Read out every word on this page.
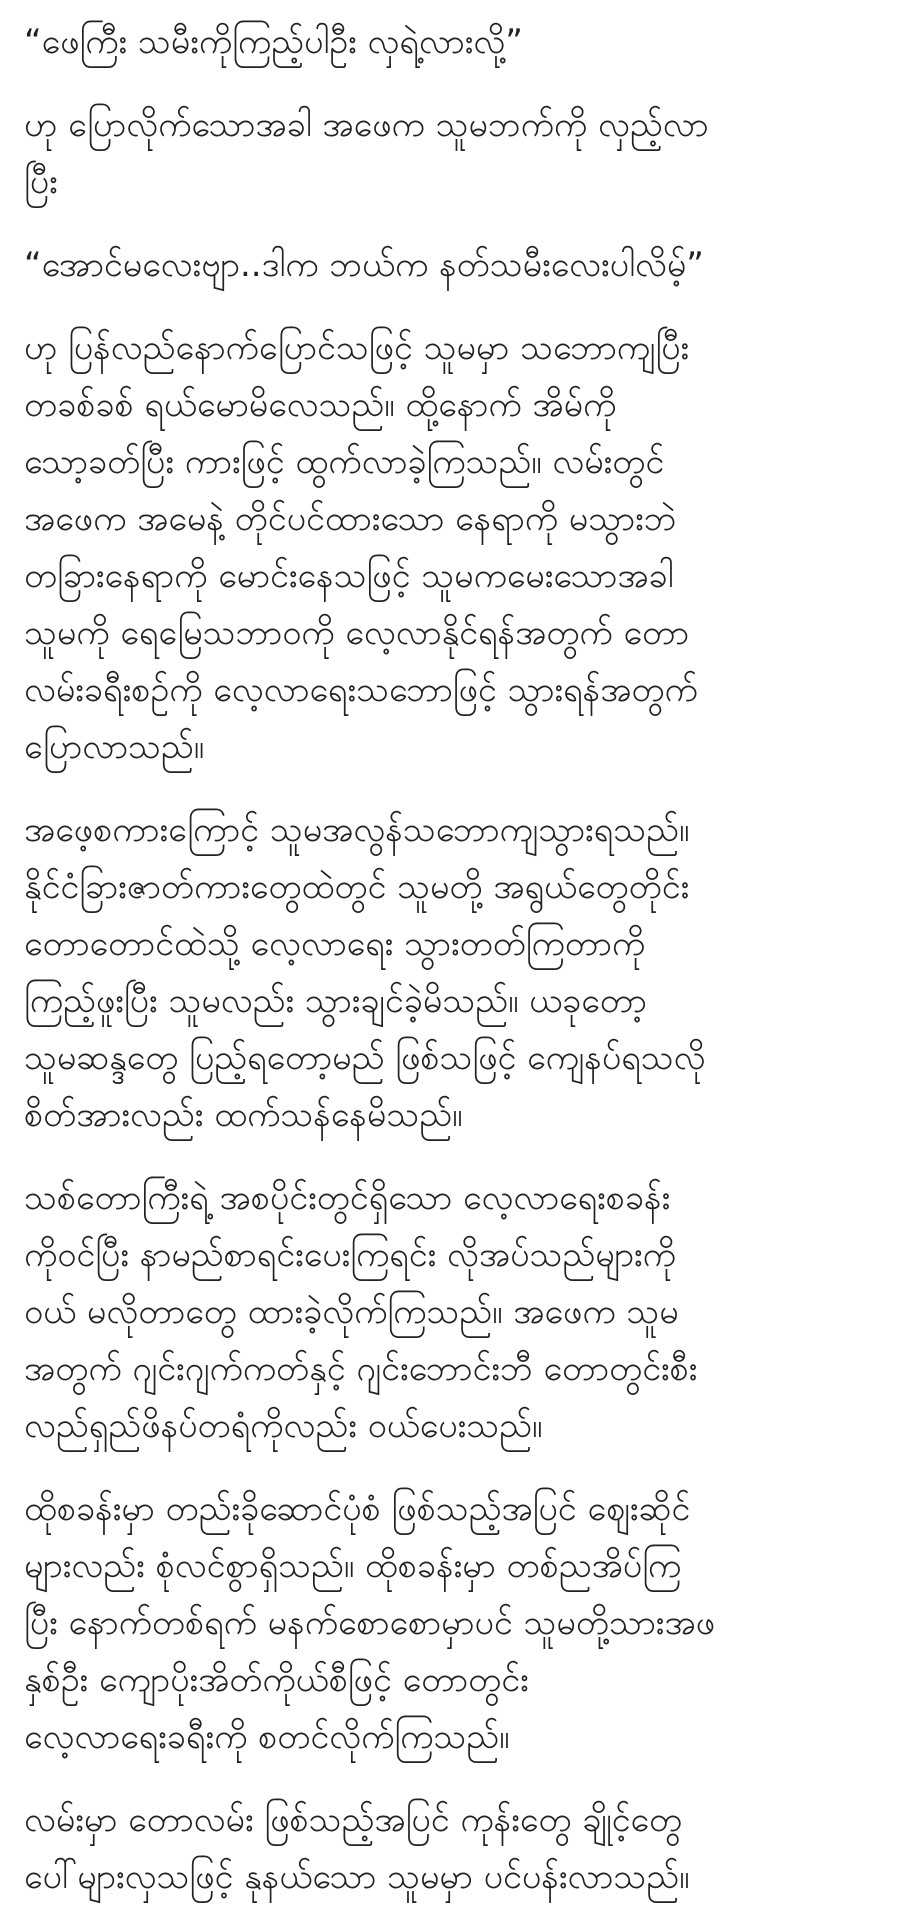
“ဖေကြီး သမီးကိုကြည့်ပါဦး လှရဲ့လားလို့”

ဟု ပြောလိုက်သောအခါ အဖေက သူမဘက်ကို လှည့်လာ
ပြီး

“အောင်မလေးဗျာ..ဒါက ဘယ်က နတ်သမီးလေးပါလိမ့်”

ဟု ပြန်လည်နောက်ပြောင်သဖြင့် သူမမှာ သဘောကျပြီး
တခစ်ခစ် ရယ်မောမိလေသည်။ ထို့နောက် အိမ်ကို
သော့ခတ်ပြီး ကားဖြင့် ထွက်လာခဲ့ကြသည်။ လမ်းတွင်
အဖေက အမေနဲ့ တိုင်ပင်ထားသော နေရာကို မသွားဘဲ
တခြားနေရာကို မောင်းနေသဖြင့် သူမကမေးသောအခါ
သူမကို ရေမြေသဘာဝကို လေ့လာနိုင်ရန်အတွက် တော
လမ်းခရီးစဉ်ကို လေ့လာရေးသဘောဖြင့် သွားရန်အတွက်
ပြောလာသည်။

အဖေ့စကားကြောင့် သူမအလွန်သဘောကျသွားရသည်။
နိုင်ငံခြားဇာတ်ကားတွေထဲတွင် သူမတို့ အရွယ်တွေတိုင်း
တောတောင်ထဲသို့ လေ့လာရေး သွားတတ်ကြတာကို
ကြည့်ဖူးပြီး သူမလည်း သွားချင်ခဲ့မိသည်။ ယခုတော့
သူမဆန္ဒတွေ ပြည့်ရတော့မည် ဖြစ်သဖြင့် ကျေနပ်ရသလို
စိတ်အားလည်း ထက်သန်နေမိသည်။

သစ်တောကြီးရဲ့ အစပိုင်းတွင်ရှိသော လေ့လာရေးစခန်း
ကိုဝင်ပြီး နာမည်စာရင်းပေးကြရင်း လိုအပ်သည်များကို
ဝယ် မလိုတာတွေ ထားခဲ့လိုက်ကြသည်။ အဖေက သူမ
အတွက် ဂျင်းဂျက်ကတ်နှင့် ဂျင်းဘောင်းဘီ တောတွင်းစီး
လည်ရှည်ဖိနပ်တရံကိုလည်း ဝယ်ပေးသည်။

ထိုစခန်းမှာ တည်းခိုဆောင်ပုံစံ ဖြစ်သည့်အပြင် ဈေးဆိုင်
များလည်း စုံလင်စွာရှိသည်။ ထိုစခန်းမှာ တစ်ညအိပ်ကြ
ပြီး နောက်တစ်ရက် မနက်စောစောမှာပင် သူမတို့သားအဖ
နှစ်ဦး ကျောပိုးအိတ်ကိုယ်စီဖြင့် တောတွင်း
လေ့လာရေးခရီးကို စတင်လိုက်ကြသည်။

လမ်းမှာ တောလမ်း ဖြစ်သည့်အပြင် ကုန်းတွေ ချိုင့်တွေ
ပေါ်များလှသဖြင့် နုနယ်သော သူမမှာ ပင်ပန်းလာသည်။
